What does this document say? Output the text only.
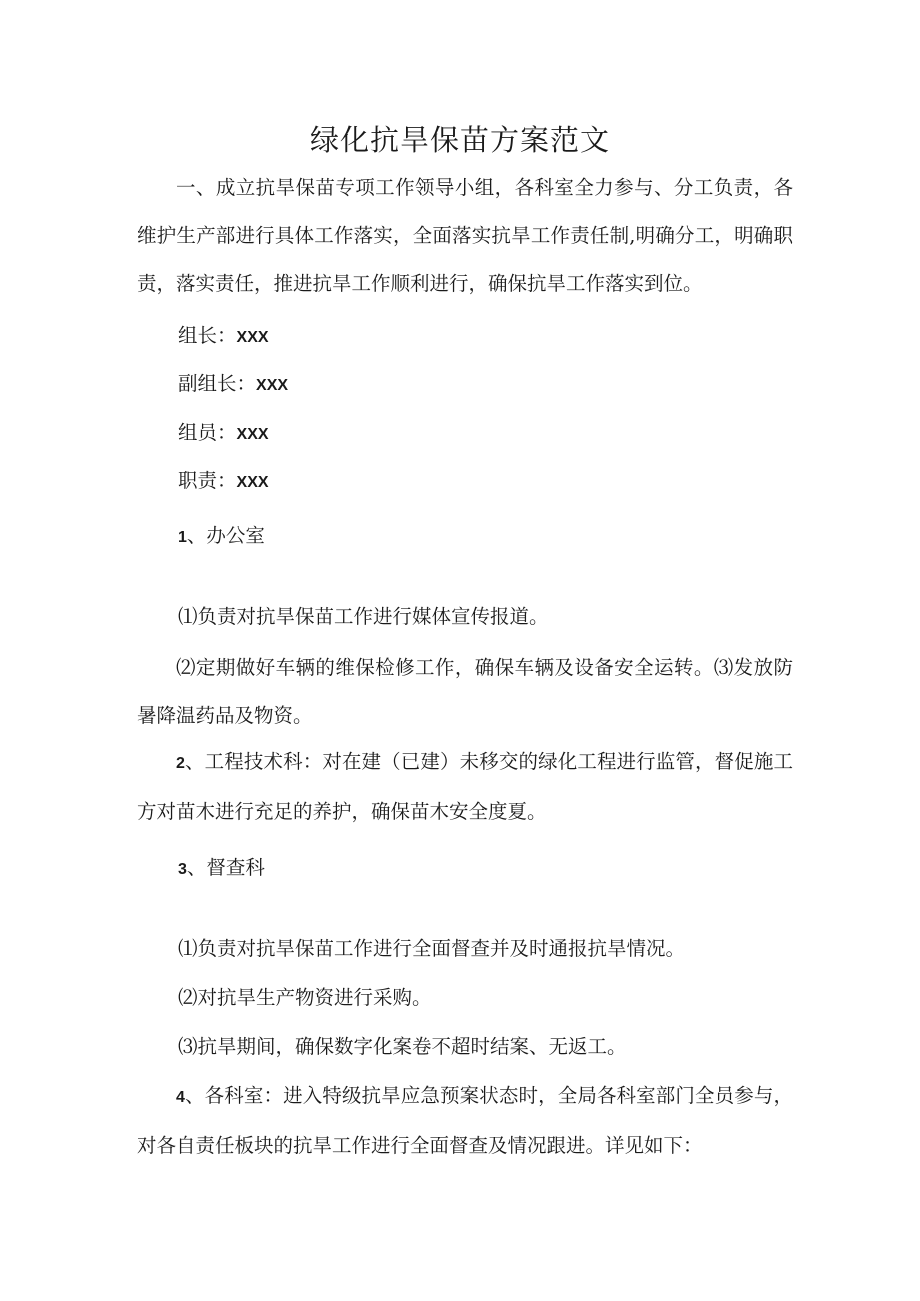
绿化抗旱保苗方案范文

一、成立抗旱保苗专项工作领导小组，各科室全力参与、分工负责，各维护生产部进行具体工作落实，全面落实抗旱工作责任制,明确分工，明确职责，落实责任，推进抗旱工作顺利进行，确保抗旱工作落实到位。

组长：XXX

副组长：XXX

组员：XXX

职责：XXX

1、办公室

⑴负责对抗旱保苗工作进行媒体宣传报道。

⑵定期做好车辆的维保检修工作，确保车辆及设备安全运转。⑶发放防暑降温药品及物资。

2、工程技术科：对在建（已建）未移交的绿化工程进行监管，督促施工方对苗木进行充足的养护，确保苗木安全度夏。

3、督查科

⑴负责对抗旱保苗工作进行全面督查并及时通报抗旱情况。

⑵对抗旱生产物资进行采购。

⑶抗旱期间，确保数字化案卷不超时结案、无返工。

4、各科室：进入特级抗旱应急预案状态时，全局各科室部门全员参与，对各自责任板块的抗旱工作进行全面督查及情况跟进。详见如下：
